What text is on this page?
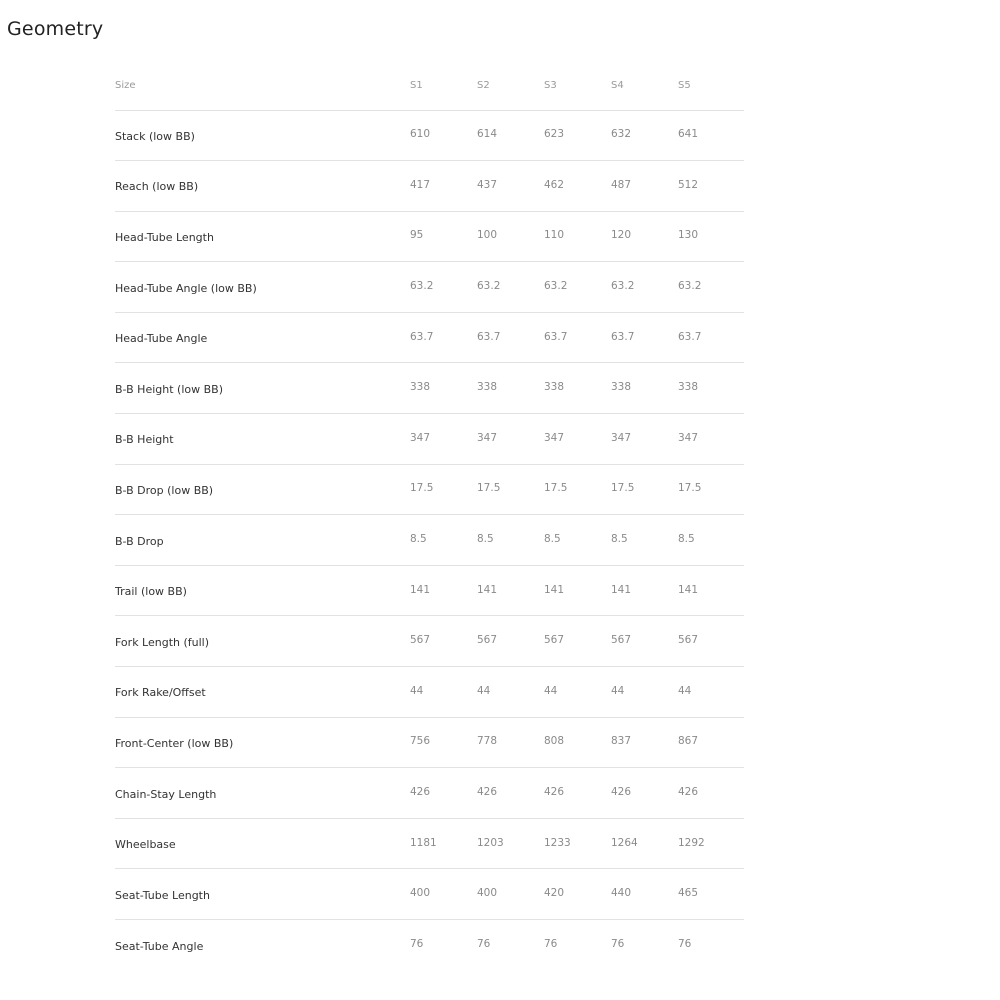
Geometry
Size	S1	S2	S3	S4	S5
Stack (low BB)	610	614	623	632	641
Reach (low BB)	417	437	462	487	512
Head-Tube Length	95	100	110	120	130
Head-Tube Angle (low BB)	63.2	63.2	63.2	63.2	63.2
Head-Tube Angle	63.7	63.7	63.7	63.7	63.7
B-B Height (low BB)	338	338	338	338	338
B-B Height	347	347	347	347	347
B-B Drop (low BB)	17.5	17.5	17.5	17.5	17.5
B-B Drop	8.5	8.5	8.5	8.5	8.5
Trail (low BB)	141	141	141	141	141
Fork Length (full)	567	567	567	567	567
Fork Rake/Offset	44	44	44	44	44
Front-Center (low BB)	756	778	808	837	867
Chain-Stay Length	426	426	426	426	426
Wheelbase	1181	1203	1233	1264	1292
Seat-Tube Length	400	400	420	440	465
Seat-Tube Angle	76	76	76	76	76
